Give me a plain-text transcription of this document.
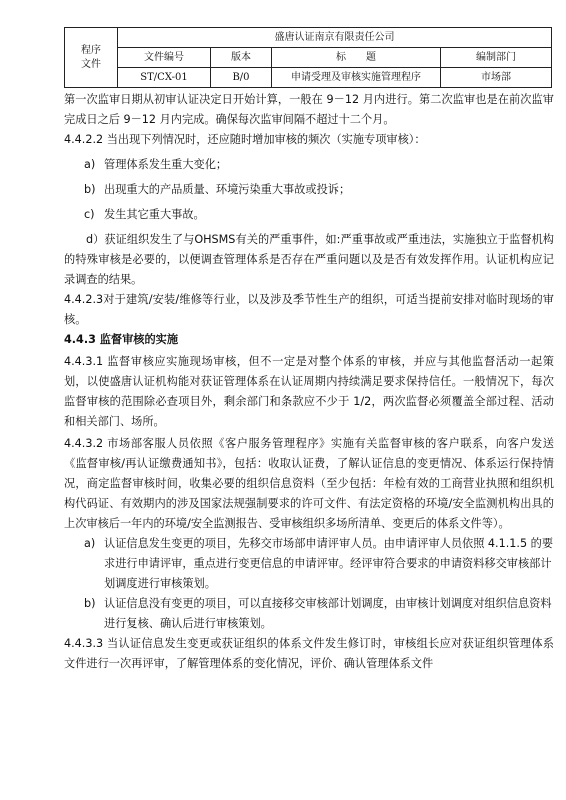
程序
文件	盛唐认证南京有限责任公司			
	文件编号	版本	标　　题	编制部门
	ST/CX-01	B/0	申请受理及审核实施管理程序	市场部

第一次监审日期从初审认证决定日开始计算，一般在 9－12 月内进行。第二次监审也是在前次监审完成日之后 9－12 月内完成。确保每次监审间隔不超过十二个月。

4.4.2.2 当出现下列情况时，还应随时增加审核的频次（实施专项审核）：

a) 管理体系发生重大变化；
b) 出现重大的产品质量、环境污染重大事故或投诉；
c) 发生其它重大事故。

d）获证组织发生了与OHSMS有关的严重事件，如:严重事故或严重违法，实施独立于监督机构的特殊审核是必要的，以便调查管理体系是否存在严重问题以及是否有效发挥作用。认证机构应记录调查的结果。

4.4.2.3对于建筑/安装/维修等行业，以及涉及季节性生产的组织，可适当提前安排对临时现场的审核。

4.4.3 监督审核的实施

4.4.3.1 监督审核应实施现场审核，但不一定是对整个体系的审核，并应与其他监督活动一起策划，以使盛唐认证机构能对获证管理体系在认证周期内持续满足要求保持信任。一般情况下，每次监督审核的范围除必查项目外，剩余部门和条款应不少于 1/2，两次监督必须覆盖全部过程、活动和相关部门、场所。

4.4.3.2 市场部客服人员依照《客户服务管理程序》实施有关监督审核的客户联系，向客户发送《监督审核/再认证缴费通知书》，包括：收取认证费，了解认证信息的变更情况、体系运行保持情况，商定监督审核时间，收集必要的组织信息资料（至少包括：年检有效的工商营业执照和组织机构代码证、有效期内的涉及国家法规强制要求的许可文件、有法定资格的环境/安全监测机构出具的上次审核后一年内的环境/安全监测报告、受审核组织多场所清单、变更后的体系文件等）。

a) 认证信息发生变更的项目，先移交市场部申请评审人员。由申请评审人员依照 4.1.1.5 的要求进行申请评审，重点进行变更信息的申请评审。经评审符合要求的申请资料移交审核部计划调度进行审核策划。
b) 认证信息没有变更的项目，可以直接移交审核部计划调度，由审核计划调度对组织信息资料进行复核、确认后进行审核策划。

4.4.3.3 当认证信息发生变更或获证组织的体系文件发生修订时，审核组长应对获证组织管理体系文件进行一次再评审，了解管理体系的变化情况，评价、确认管理体系文件
